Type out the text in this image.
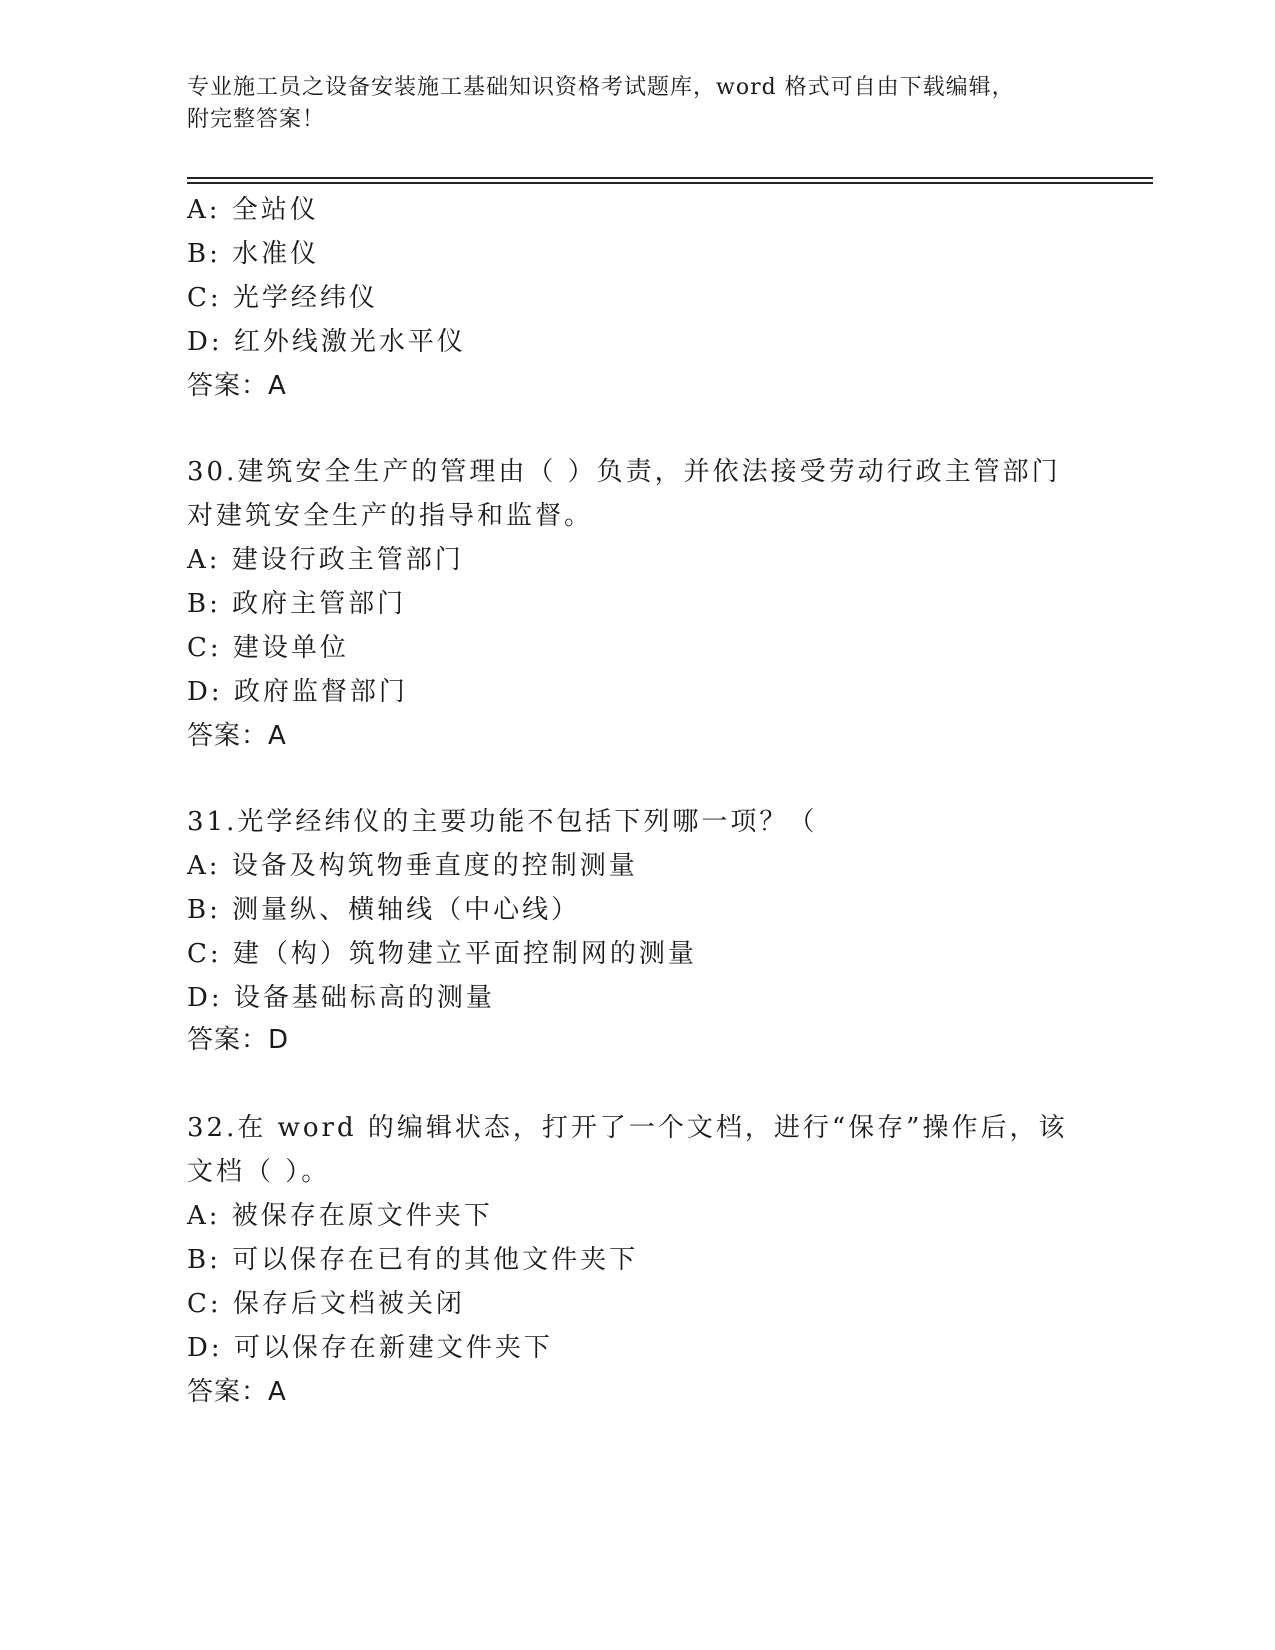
专业施工员之设备安装施工基础知识资格考试题库，word 格式可自由下载编辑，
附完整答案！
A: 全站仪
B: 水准仪
C: 光学经纬仪
D: 红外线激光水平仪
答案：A
30.建筑安全生产的管理由（ ）负责，并依法接受劳动行政主管部门
对建筑安全生产的指导和监督。
A: 建设行政主管部门
B: 政府主管部门
C: 建设单位
D: 政府监督部门
答案：A
31.光学经纬仪的主要功能不包括下列哪一项？（
A: 设备及构筑物垂直度的控制测量
B: 测量纵、横轴线（中心线）
C: 建（构）筑物建立平面控制网的测量
D: 设备基础标高的测量
答案：D
32.在 word 的编辑状态，打开了一个文档，进行“保存”操作后，该
文档（ ）。
A: 被保存在原文件夹下
B: 可以保存在已有的其他文件夹下
C: 保存后文档被关闭
D: 可以保存在新建文件夹下
答案：A
